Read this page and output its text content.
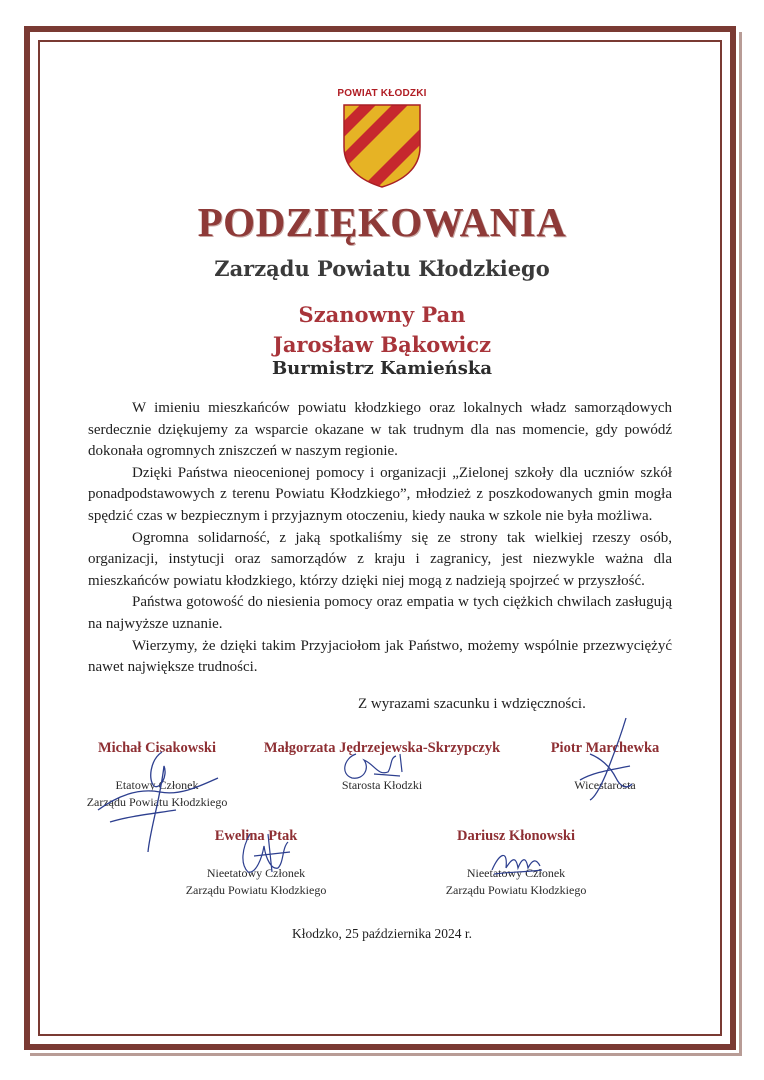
POWIAT KŁODZKI
PODZIĘKOWANIA
Zarządu Powiatu Kłodzkiego
Szanowny Pan
Jarosław Bąkowicz
Burmistrz Kamieńska

W imieniu mieszkańców powiatu kłodzkiego oraz lokalnych władz samorządowych serdecznie dziękujemy za wsparcie okazane w tak trudnym dla nas momencie, gdy powódź dokonała ogromnych zniszczeń w naszym regionie.

Dzięki Państwa nieocenionej pomocy i organizacji „Zielonej szkoły dla uczniów szkół ponadpodstawowych z terenu Powiatu Kłodzkiego”, młodzież z poszkodowanych gmin mogła spędzić czas w bezpiecznym i przyjaznym otoczeniu, kiedy nauka w szkole nie była możliwa.

Ogromna solidarność, z jaką spotkaliśmy się ze strony tak wielkiej rzeszy osób, organizacji, instytucji oraz samorządów z kraju i zagranicy, jest niezwykle ważna dla mieszkańców powiatu kłodzkiego, którzy dzięki niej mogą z nadzieją spojrzeć w przyszłość.

Państwa gotowość do niesienia pomocy oraz empatia w tych ciężkich chwilach zasługują na najwyższe uznanie.

Wierzymy, że dzięki takim Przyjaciołom jak Państwo, możemy wspólnie przezwyciężyć nawet największe trudności.

Z wyrazami szacunku i wdzięczności.
Michał Cisakowski
Etatowy Członek
Zarządu Powiatu Kłodzkiego
Małgorzata Jędrzejewska-Skrzypczyk
Starosta Kłodzki
Piotr Marchewka
Wicestarosta
Ewelina Ptak
Nieetatowy Członek
Zarządu Powiatu Kłodzkiego
Dariusz Kłonowski
Nieetatowy Członek
Zarządu Powiatu Kłodzkiego
Kłodzko, 25 października 2024 r.
